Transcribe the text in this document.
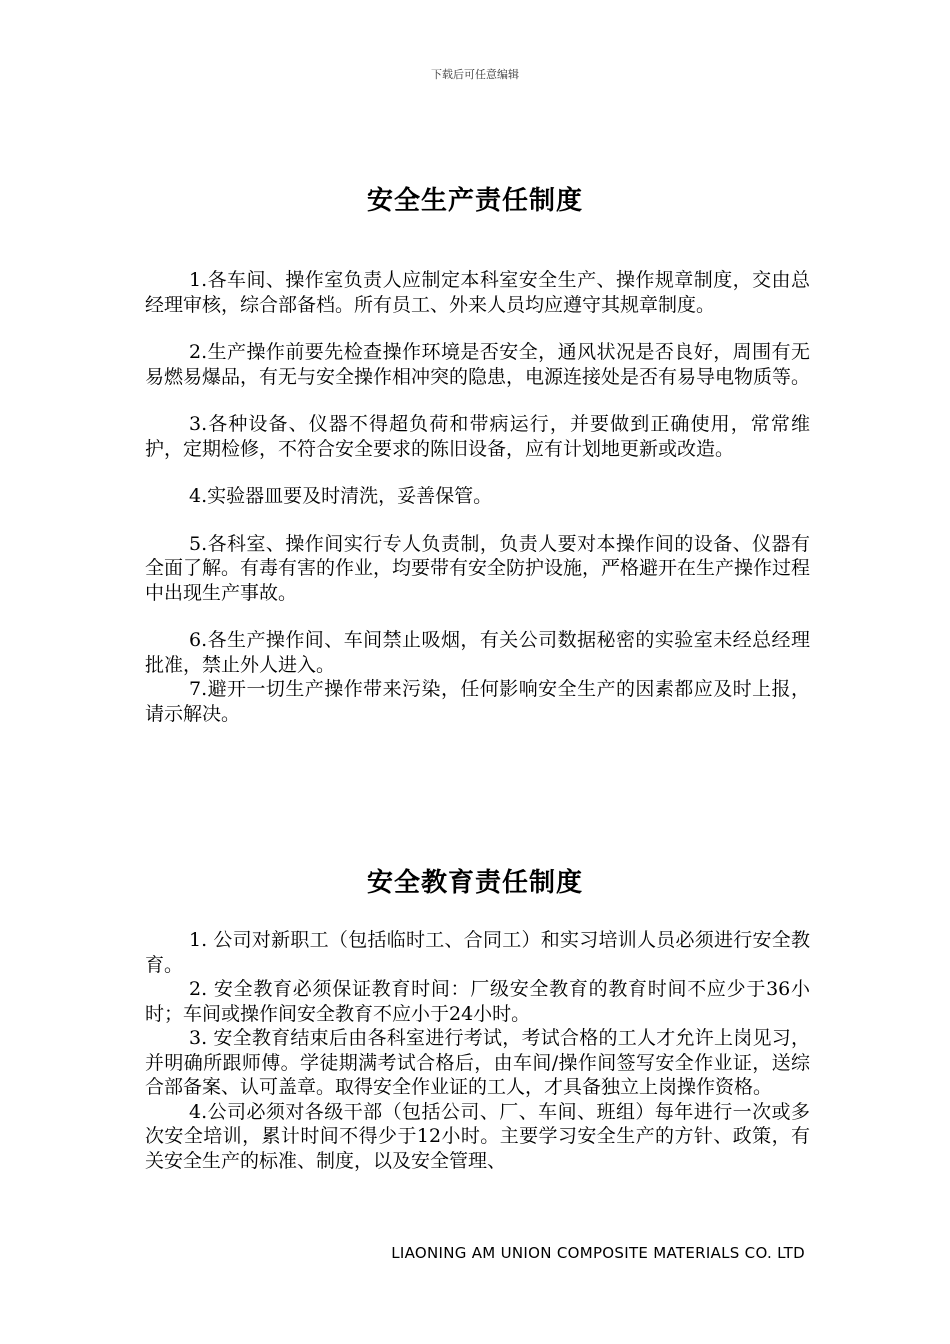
下载后可任意编辑
安全生产责任制度

1.各车间、操作室负责人应制定本科室安全生产、操作规章制度，交由总经理审核，综合部备档。所有员工、外来人员均应遵守其规章制度。

2.生产操作前要先检查操作环境是否安全，通风状况是否良好，周围有无易燃易爆品，有无与安全操作相冲突的隐患，电源连接处是否有易导电物质等。

3.各种设备、仪器不得超负荷和带病运行，并要做到正确使用，常常维护，定期检修，不符合安全要求的陈旧设备，应有计划地更新或改造。

4.实验器皿要及时清洗，妥善保管。

5.各科室、操作间实行专人负责制，负责人要对本操作间的设备、仪器有全面了解。有毒有害的作业，均要带有安全防护设施，严格避开在生产操作过程中出现生产事故。

6.各生产操作间、车间禁止吸烟，有关公司数据秘密的实验室未经总经理批准，禁止外人进入。

7.避开一切生产操作带来污染，任何影响安全生产的因素都应及时上报，请示解决。

安全教育责任制度

1. 公司对新职工（包括临时工、合同工）和实习培训人员必须进行安全教育。

2. 安全教育必须保证教育时间：厂级安全教育的教育时间不应少于36小时；车间或操作间安全教育不应小于24小时。

3. 安全教育结束后由各科室进行考试，考试合格的工人才允许上岗见习，并明确所跟师傅。学徒期满考试合格后，由车间/操作间签写安全作业证，送综合部备案、认可盖章。取得安全作业证的工人，才具备独立上岗操作资格。

4.公司必须对各级干部（包括公司、厂、车间、班组）每年进行一次或多次安全培训，累计时间不得少于12小时。主要学习安全生产的方针、政策，有关安全生产的标准、制度，以及安全管理、

LIAONING AM UNION COMPOSITE MATERIALS CO. LTD
